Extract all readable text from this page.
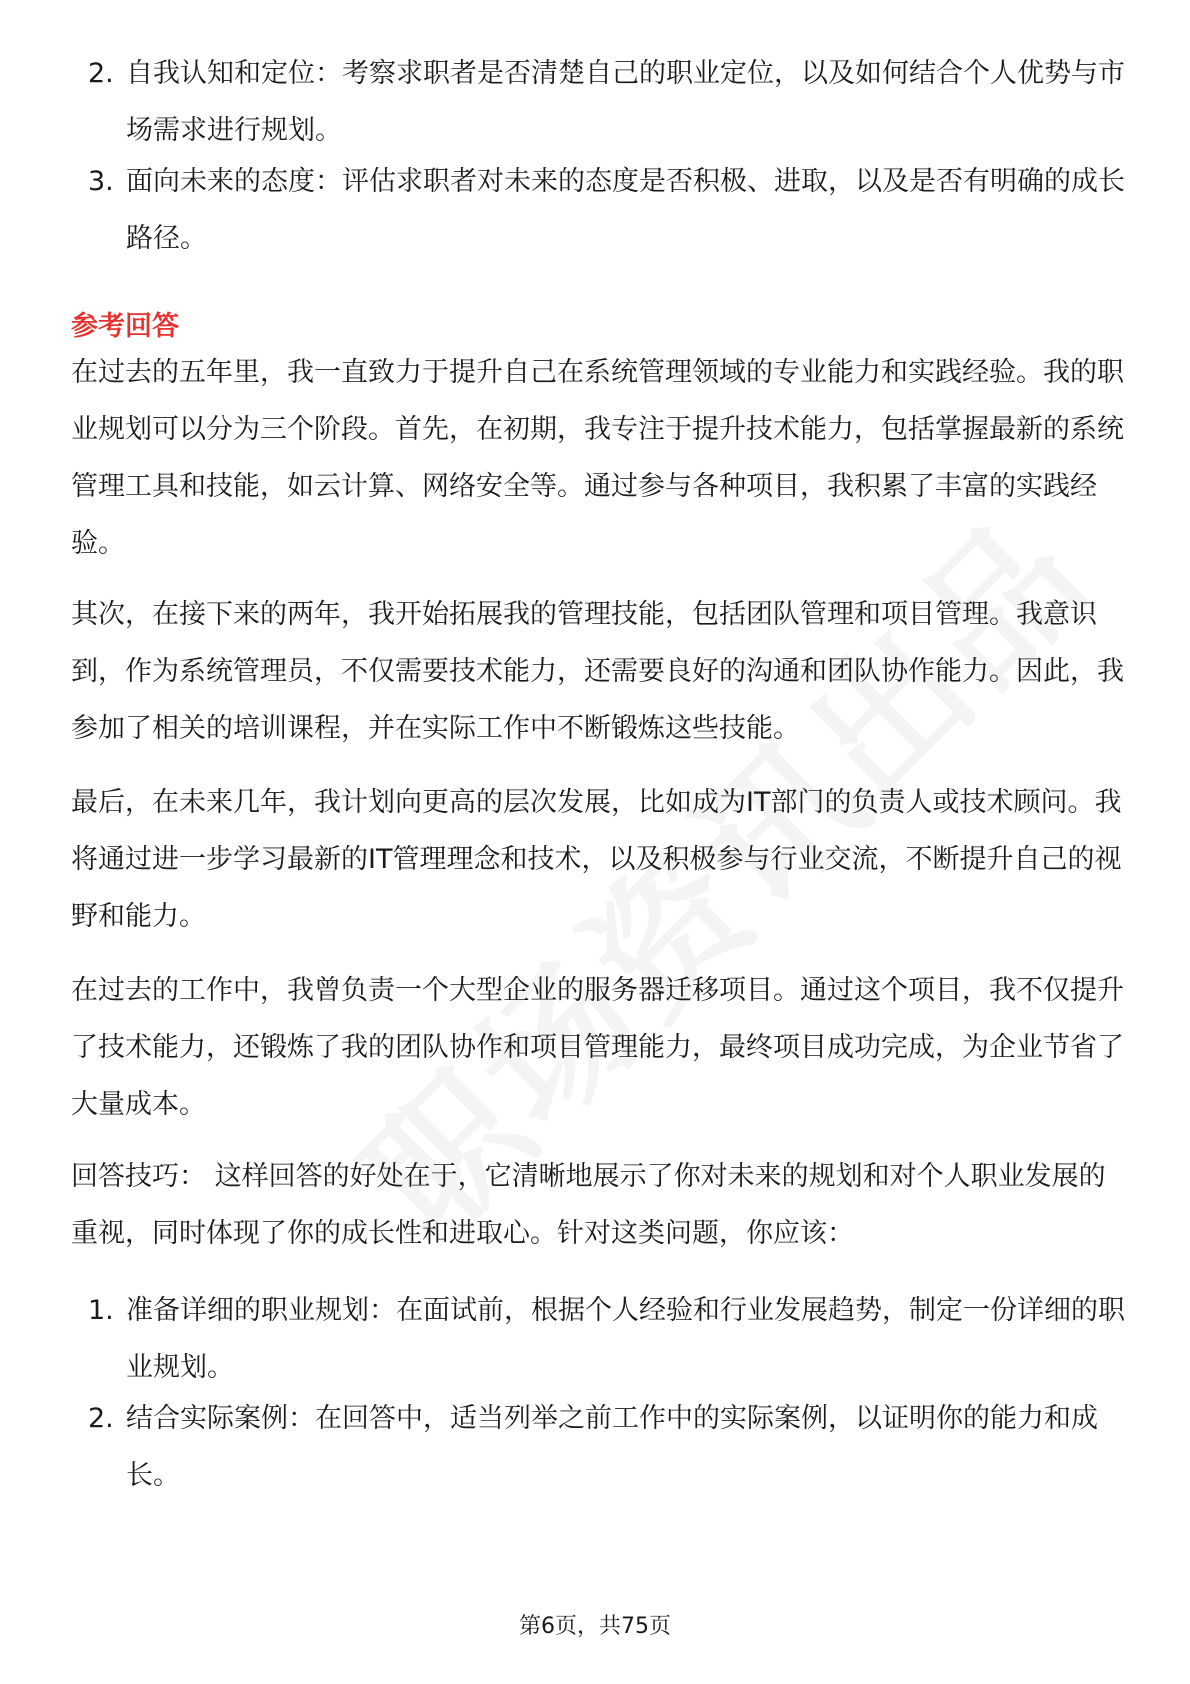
2. 自我认知和定位：考察求职者是否清楚自己的职业定位，以及如何结合个人优势与市场需求进行规划。
3. 面向未来的态度：评估求职者对未来的态度是否积极、进取，以及是否有明确的成长路径。
参考回答
在过去的五年里，我一直致力于提升自己在系统管理领域的专业能力和实践经验。我的职业规划可以分为三个阶段。首先，在初期，我专注于提升技术能力，包括掌握最新的系统管理工具和技能，如云计算、网络安全等。通过参与各种项目，我积累了丰富的实践经验。
其次，在接下来的两年，我开始拓展我的管理技能，包括团队管理和项目管理。我意识到，作为系统管理员，不仅需要技术能力，还需要良好的沟通和团队协作能力。因此，我参加了相关的培训课程，并在实际工作中不断锻炼这些技能。
最后，在未来几年，我计划向更高的层次发展，比如成为IT部门的负责人或技术顾问。我将通过进一步学习最新的IT管理理念和技术，以及积极参与行业交流，不断提升自己的视野和能力。
在过去的工作中，我曾负责一个大型企业的服务器迁移项目。通过这个项目，我不仅提升了技术能力，还锻炼了我的团队协作和项目管理能力，最终项目成功完成，为企业节省了大量成本。
回答技巧： 这样回答的好处在于，它清晰地展示了你对未来的规划和对个人职业发展的重视，同时体现了你的成长性和进取心。针对这类问题，你应该：
1. 准备详细的职业规划：在面试前，根据个人经验和行业发展趋势，制定一份详细的职业规划。
2. 结合实际案例：在回答中，适当列举之前工作中的实际案例，以证明你的能力和成长。
第6页，共75页
